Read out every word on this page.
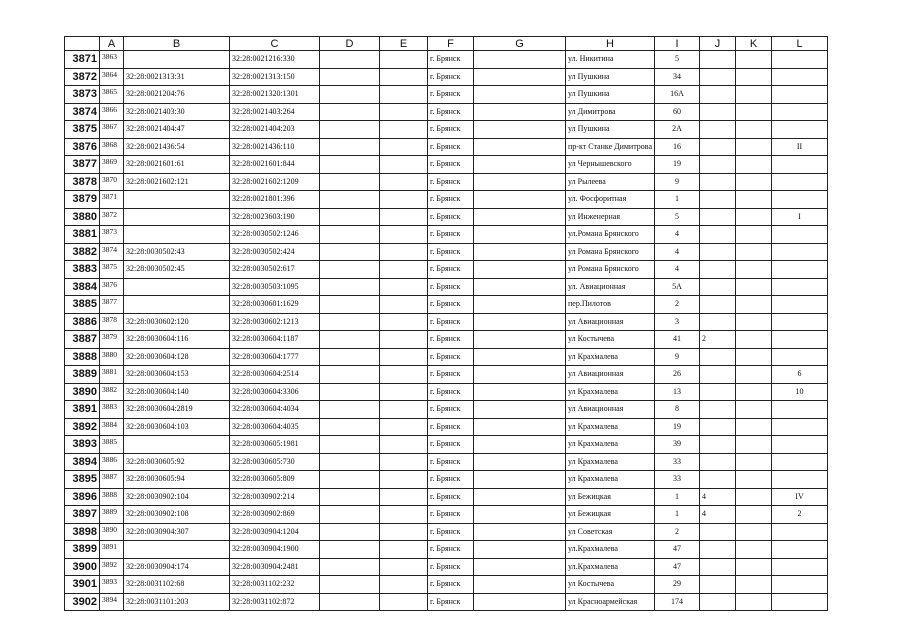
	A	B	C	D	E	F	G	H	I	J	K	L
3871	3863		32:28:0021216:330			г. Брянск		ул. Никитина	5			
3872	3864	32:28:0021313:31	32:28:0021313:150			г. Брянск		ул Пушкина	34			
3873	3865	32:28:0021204:76	32:28:0021320:1301			г. Брянск		ул Пушкина	16А			
3874	3866	32:28:0021403:30	32:28:0021403:264			г. Брянск		ул Димитрова	60			
3875	3867	32:28:0021404:47	32:28:0021404:203			г. Брянск		ул Пушкина	2А			
3876	3868	32:28:0021436:54	32:28:0021436:110			г. Брянск		пр-кт Станке Димитрова	16			II
3877	3869	32:28:0021601:61	32:28:0021601:844			г. Брянск		ул Чернышевского	19			
3878	3870	32:28:0021602:121	32:28:0021602:1209			г. Брянск		ул Рылеева	9			
3879	3871		32:28:0021801:396			г. Брянск		ул. Фосфоритная	1			
3880	3872		32:28:0023603:190			г. Брянск		ул Инженерная	5			I
3881	3873		32:28:0030502:1246			г. Брянск		ул.Романа Брянского	4			
3882	3874	32:28:0030502:43	32:28:0030502:424			г. Брянск		ул Романа Брянского	4			
3883	3875	32:28:0030502:45	32:28:0030502:617			г. Брянск		ул Романа Брянского	4			
3884	3876		32:28:0030503:1095			г. Брянск		ул. Авиационная	5А			
3885	3877		32:28:0030601:1629			г. Брянск		пер.Пилотов	2			
3886	3878	32:28:0030602:120	32:28:0030602:1213			г. Брянск		ул Авиационная	3			
3887	3879	32:28:0030604:116	32:28:0030604:1187			г. Брянск		ул Костычева	41	2		
3888	3880	32:28:0030604:128	32:28:0030604:1777			г. Брянск		ул Крахмалева	9			
3889	3881	32:28:0030604:153	32:28:0030604:2514			г. Брянск		ул Авиационная	26			6
3890	3882	32:28:0030604:140	32:28:0030604:3306			г. Брянск		ул Крахмалева	13			10
3891	3883	32:28:0030604:2819	32:28:0030604:4034			г. Брянск		ул Авиационная	8			
3892	3884	32:28:0030604:103	32:28:0030604:4035			г. Брянск		ул Крахмалева	19			
3893	3885		32:28:0030605:1981			г. Брянск		ул Крахмалева	39			
3894	3886	32:28:0030605:92	32:28:0030605:730			г. Брянск		ул Крахмалева	33			
3895	3887	32:28:0030605:94	32:28:0030605:809			г. Брянск		ул Крахмалева	33			
3896	3888	32:28:0030902:104	32:28:0030902:214			г. Брянск		ул Бежицкая	1	4		IV
3897	3889	32:28:0030902:108	32:28:0030902:869			г. Брянск		ул Бежицкая	1	4		2
3898	3890	32:28:0030904:307	32:28:0030904:1204			г. Брянск		ул Советская	2			
3899	3891		32:28:0030904:1900			г. Брянск		ул.Крахмалева	47			
3900	3892	32:28:0030904:174	32:28:0030904:2481			г. Брянск		ул.Крахмалева	47			
3901	3893	32:28:0031102:68	32:28:0031102:232			г. Брянск		ул Костычева	29			
3902	3894	32:28:0031101:203	32:28:0031102:872			г. Брянск		ул Красноармейская	174			
